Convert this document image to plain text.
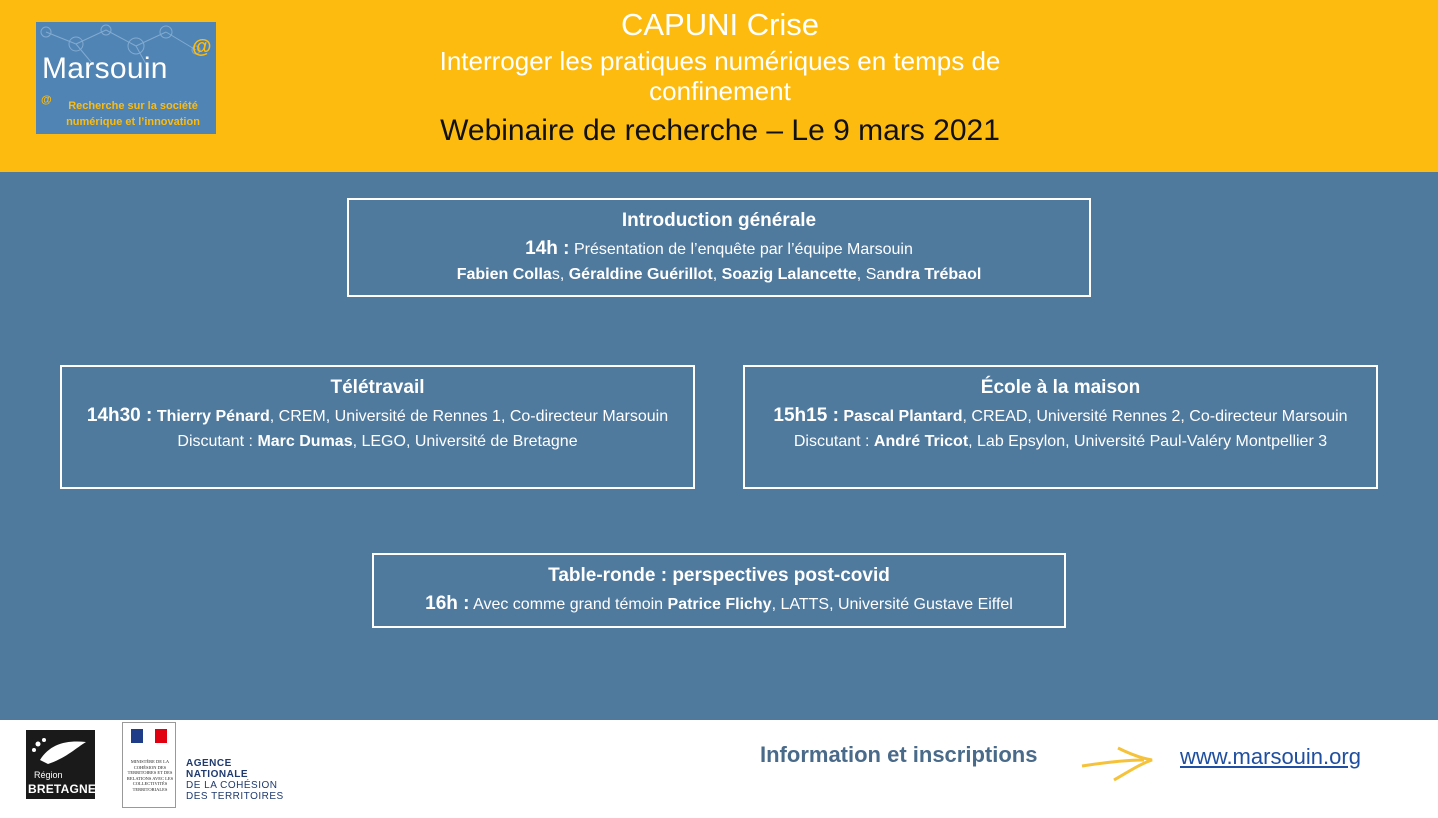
Marsouin
@
@	Recherche sur la société
numérique et l’innovation
CAPUNI Crise
Interroger les pratiques numériques en temps de confinement
Webinaire de recherche – Le 9 mars 2021
Introduction générale
14h : Présentation de l’enquête par l’équipe Marsouin
Fabien Collas, Géraldine Guérillot, Soazig Lalancette, Sandra Trébaol
Télétravail
14h30 : Thierry Pénard, CREM, Université de Rennes 1, Co-directeur Marsouin
Discutant : Marc Dumas, LEGO, Université de Bretagne
École à la maison
15h15 : Pascal Plantard, CREAD, Université Rennes 2, Co-directeur Marsouin
Discutant : André Tricot, Lab Epsylon, Université Paul-Valéry Montpellier 3
Table-ronde : perspectives post-covid
16h : Avec comme grand témoin Patrice Flichy, LATTS, Université Gustave Eiffel
Région
BRETAGNE
MINISTÈRE DE LA COHÉSION DES TERRITOIRES ET DES RELATIONS AVEC LES COLLECTIVITÉS TERRITORIALES
AGENCE
NATIONALE
DE LA COHÉSION
DES TERRITOIRES
Information et inscriptions	www.marsouin.org
